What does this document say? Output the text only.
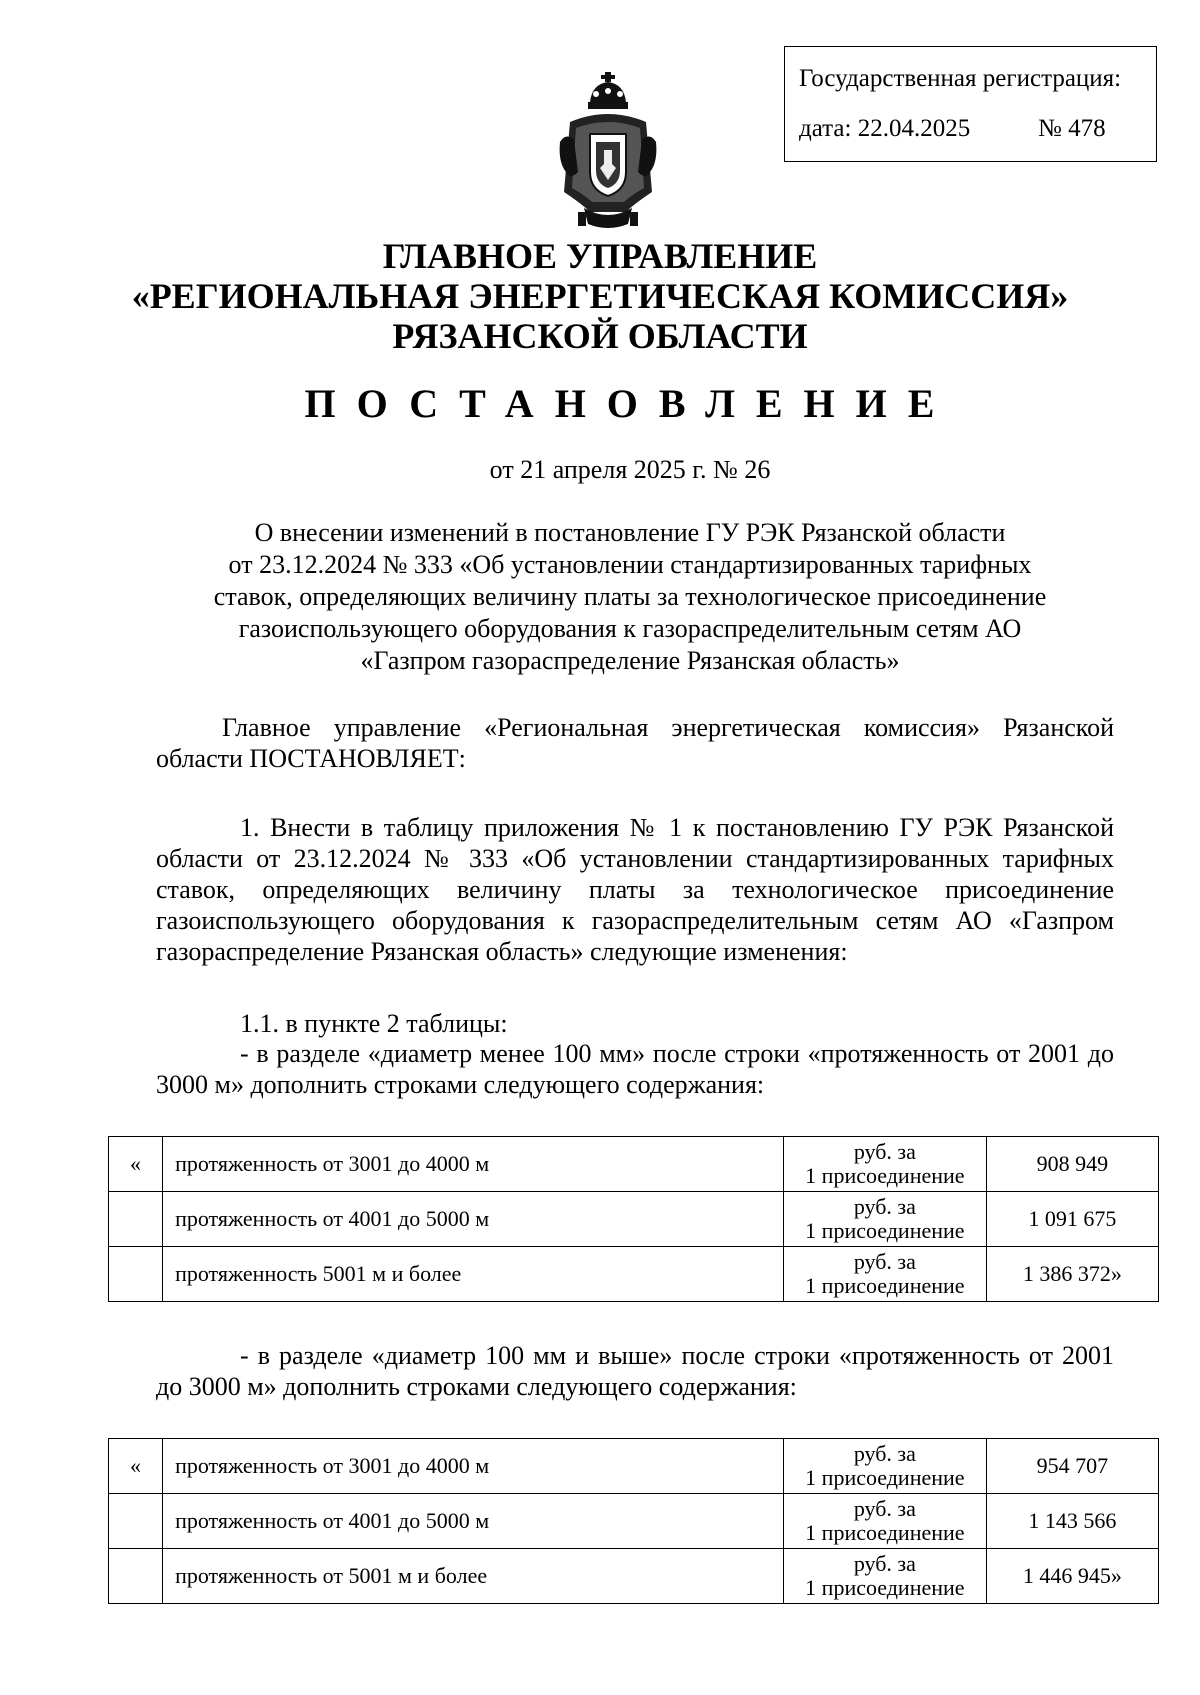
Государственная регистрация:
дата: 22.04.2025	№ 478
ГЛАВНОЕ УПРАВЛЕНИЕ
«РЕГИОНАЛЬНАЯ ЭНЕРГЕТИЧЕСКАЯ КОМИССИЯ»
РЯЗАНСКОЙ ОБЛАСТИ
ПОСТАНОВЛЕНИЕ
от 21 апреля 2025 г. № 26
О внесении изменений в постановление ГУ РЭК Рязанской области
от 23.12.2024 № 333 «Об установлении стандартизированных тарифных
ставок, определяющих величину платы за технологическое присоединение
газоиспользующего оборудования к газораспределительным сетям АО
«Газпром газораспределение Рязанская область»
Главное управление «Региональная энергетическая комиссия» Рязанской области ПОСТАНОВЛЯЕТ:
1. Внести в таблицу приложения № 1 к постановлению ГУ РЭК Рязанской области от 23.12.2024 № 333 «Об установлении стандартизированных тарифных ставок, определяющих величину платы за технологическое присоединение газоиспользующего оборудования к газораспределительным сетям АО «Газпром газораспределение Рязанская область» следующие изменения:
1.1. в пункте 2 таблицы:
- в разделе «диаметр менее 100 мм» после строки «протяженность от 2001 до 3000 м» дополнить строками следующего содержания:
«	протяженность от 3001 до 4000 м	руб. за
1 присоединение	908 949
	протяженность от 4001 до 5000 м	руб. за
1 присоединение	1 091 675
	протяженность 5001 м и более	руб. за
1 присоединение	1 386 372»
- в разделе «диаметр 100 мм и выше» после строки «протяженность от 2001 до 3000 м» дополнить строками следующего содержания:
«	протяженность от 3001 до 4000 м	руб. за
1 присоединение	954 707
	протяженность от 4001 до 5000 м	руб. за
1 присоединение	1 143 566
	протяженность от 5001 м и более	руб. за
1 присоединение	1 446 945»
